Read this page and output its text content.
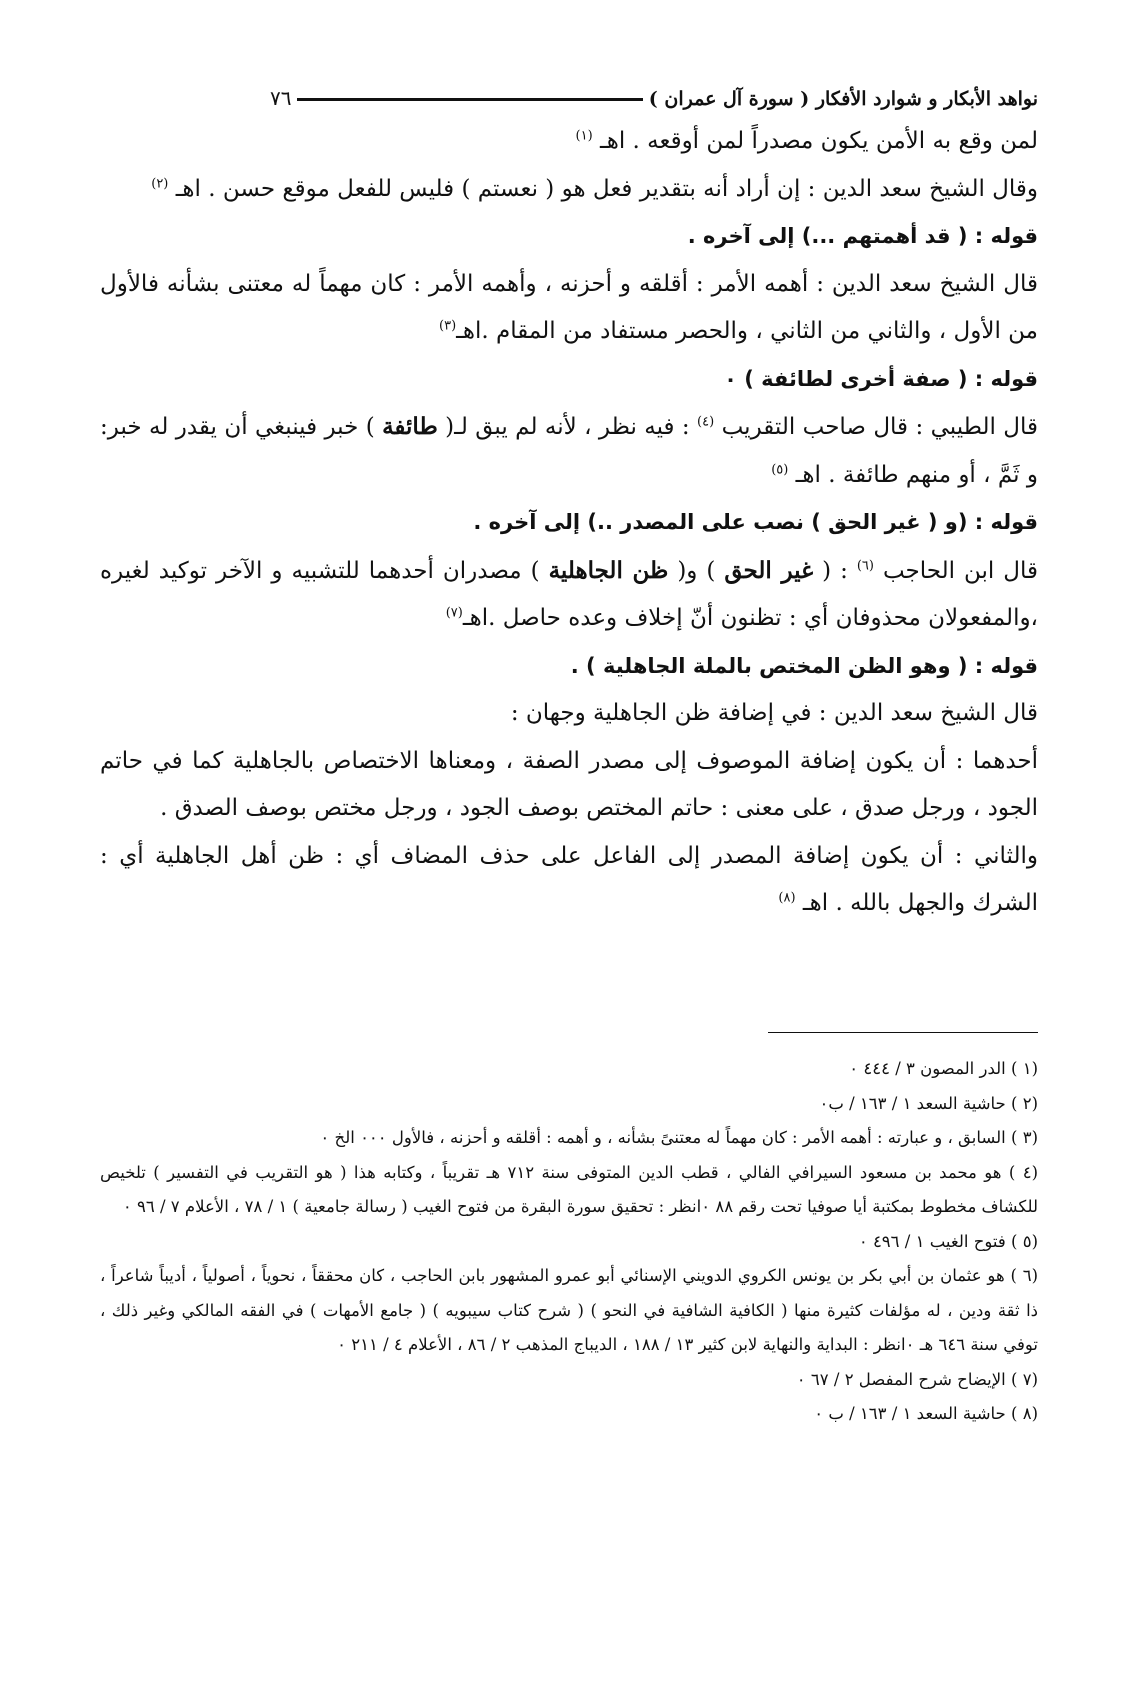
نواهد الأبكار و شوارد الأفكار ( سورة آل عمران )
٧٦

لمن وقع به الأمن يكون مصدراً لمن أوقعه . اهـ $^{(١)}$

وقال الشيخ سعد الدين : إن أراد أنه بتقدير فعل هو ( نعستم ) فليس للفعل موقع حسن . اهـ $^{(٢)}$

قوله : ( قد أهمتهم ...) إلى آخره .

قال الشيخ سعد الدين : أهمه الأمر : أقلقه و أحزنه ، وأهمه الأمر : كان مهماً له معتنى بشأنه فالأول من الأول ، والثاني من الثاني ، والحصر مستفاد من المقام .اهـ$^{(٣)}$

قوله : ( صفة أخرى لطائفة ) ٠

قال الطيبي : قال صاحب التقريب $^{(٤)}$ : فيه نظر ، لأنه لم يبق لـ( طائفة ) خبر فينبغي أن يقدر له خبر: و ثَمَّ ، أو منهم طائفة . اهـ $^{(٥)}$

قوله : (و ( غير الحق ) نصب على المصدر ..) إلى آخره .

قال ابن الحاجب $^{(٦)}$ : ( غير الحق ) و( ظن الجاهلية ) مصدران أحدهما للتشبيه و الآخر توكيد لغيره ،والمفعولان محذوفان أي : تظنون أنّ إخلاف وعده حاصل .اهـ$^{(٧)}$

قوله : ( وهو الظن المختص بالملة الجاهلية ) .

قال الشيخ سعد الدين : في إضافة ظن الجاهلية وجهان :

أحدهما : أن يكون إضافة الموصوف إلى مصدر الصفة ، ومعناها الاختصاص بالجاهلية كما في حاتم الجود ، ورجل صدق ، على معنى : حاتم المختص بوصف الجود ، ورجل مختص بوصف الصدق .

والثاني : أن يكون إضافة المصدر إلى الفاعل على حذف المضاف أي : ظن أهل الجاهلية أي : الشرك والجهل بالله . اهـ $^{(٨)}$

(١ ) الدر المصون ٣ / ٤٤٤ ٠

(٢ ) حاشية السعد ١ / ١٦٣ / ب٠

(٣ ) السابق ، و عبارته : أهمه الأمر : كان مهماً له معتنىً بشأنه ، و أهمه : أقلقه و أحزنه ، فالأول ٠٠٠ الخ ٠

(٤ ) هو محمد بن مسعود السيرافي الفالي ، قطب الدين المتوفى سنة ٧١٢ هـ تقريباً ، وكتابه هذا ( هو التقريب في التفسير ) تلخيص للكشاف مخطوط بمكتبة أيا صوفيا تحت رقم ٨٨ ٠انظر : تحقيق سورة البقرة من فتوح الغيب ( رسالة جامعية ) ١ / ٧٨ ، الأعلام ٧ / ٩٦ ٠

(٥ ) فتوح الغيب ١ / ٤٩٦ ٠

(٦ ) هو عثمان بن أبي بكر بن يونس الكروي الدويني الإسنائي أبو عمرو المشهور بابن الحاجب ، كان محققاً ، نحوياً ، أصولياً ، أديباً شاعراً ، ذا ثقة ودين ، له مؤلفات كثيرة منها ( الكافية الشافية في النحو ) ( شرح كتاب سيبويه ) ( جامع الأمهات ) في الفقه المالكي وغير ذلك ، توفي سنة ٦٤٦ هـ ٠انظر : البداية والنهاية لابن كثير ١٣ / ١٨٨ ، الديباج المذهب ٢ / ٨٦ ، الأعلام ٤ / ٢١١ ٠

(٧ ) الإيضاح شرح المفصل ٢ / ٦٧ ٠

(٨ ) حاشية السعد ١ / ١٦٣ / ب ٠
